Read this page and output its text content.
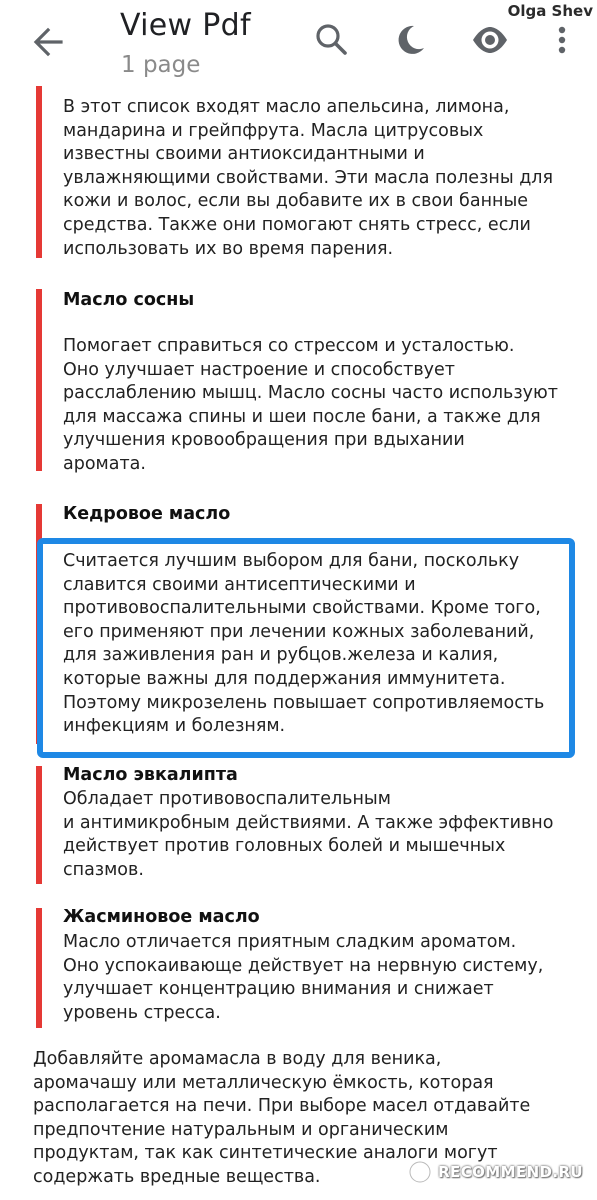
View Pdf
1 page
Olga Shev
В этот список входят масло апельсина, лимона,
мандарина и грейпфрута. Масла цитрусовых
известны своими антиоксидантными и
увлажняющими свойствами. Эти масла полезны для
кожи и волос, если вы добавите их в свои банные
средства. Также они помогают снять стресс, если
использовать их во время парения.
Масло сосны
Помогает справиться со стрессом и усталостью.
Оно улучшает настроение и способствует
расслаблению мышц. Масло сосны часто используют
для массажа спины и шеи после бани, а также для
улучшения кровообращения при вдыхании
аромата.
Кедровое масло
Считается лучшим выбором для бани, поскольку
славится своими антисептическими и
противовоспалительными свойствами. Кроме того,
его применяют при лечении кожных заболеваний,
для заживления ран и рубцов.железа и калия,
которые важны для поддержания иммунитета.
Поэтому микрозелень повышает сопротивляемость
инфекциям и болезням.
Масло эвкалипта
Обладает противовоспалительным
и антимикробным действиями. А также эффективно
действует против головных болей и мышечных
спазмов.
Жасминовое масло
Масло отличается приятным сладким ароматом.
Оно успокаивающе действует на нервную систему,
улучшает концентрацию внимания и снижает
уровень стресса.
Добавляйте аромамасла в воду для веника,
аромачашу или металлическую ёмкость, которая
располагается на печи. При выборе масел отдавайте
предпочтение натуральным и органическим
продуктам, так как синтетические аналоги могут
содержать вредные вещества.	RECOMMEND.RU
